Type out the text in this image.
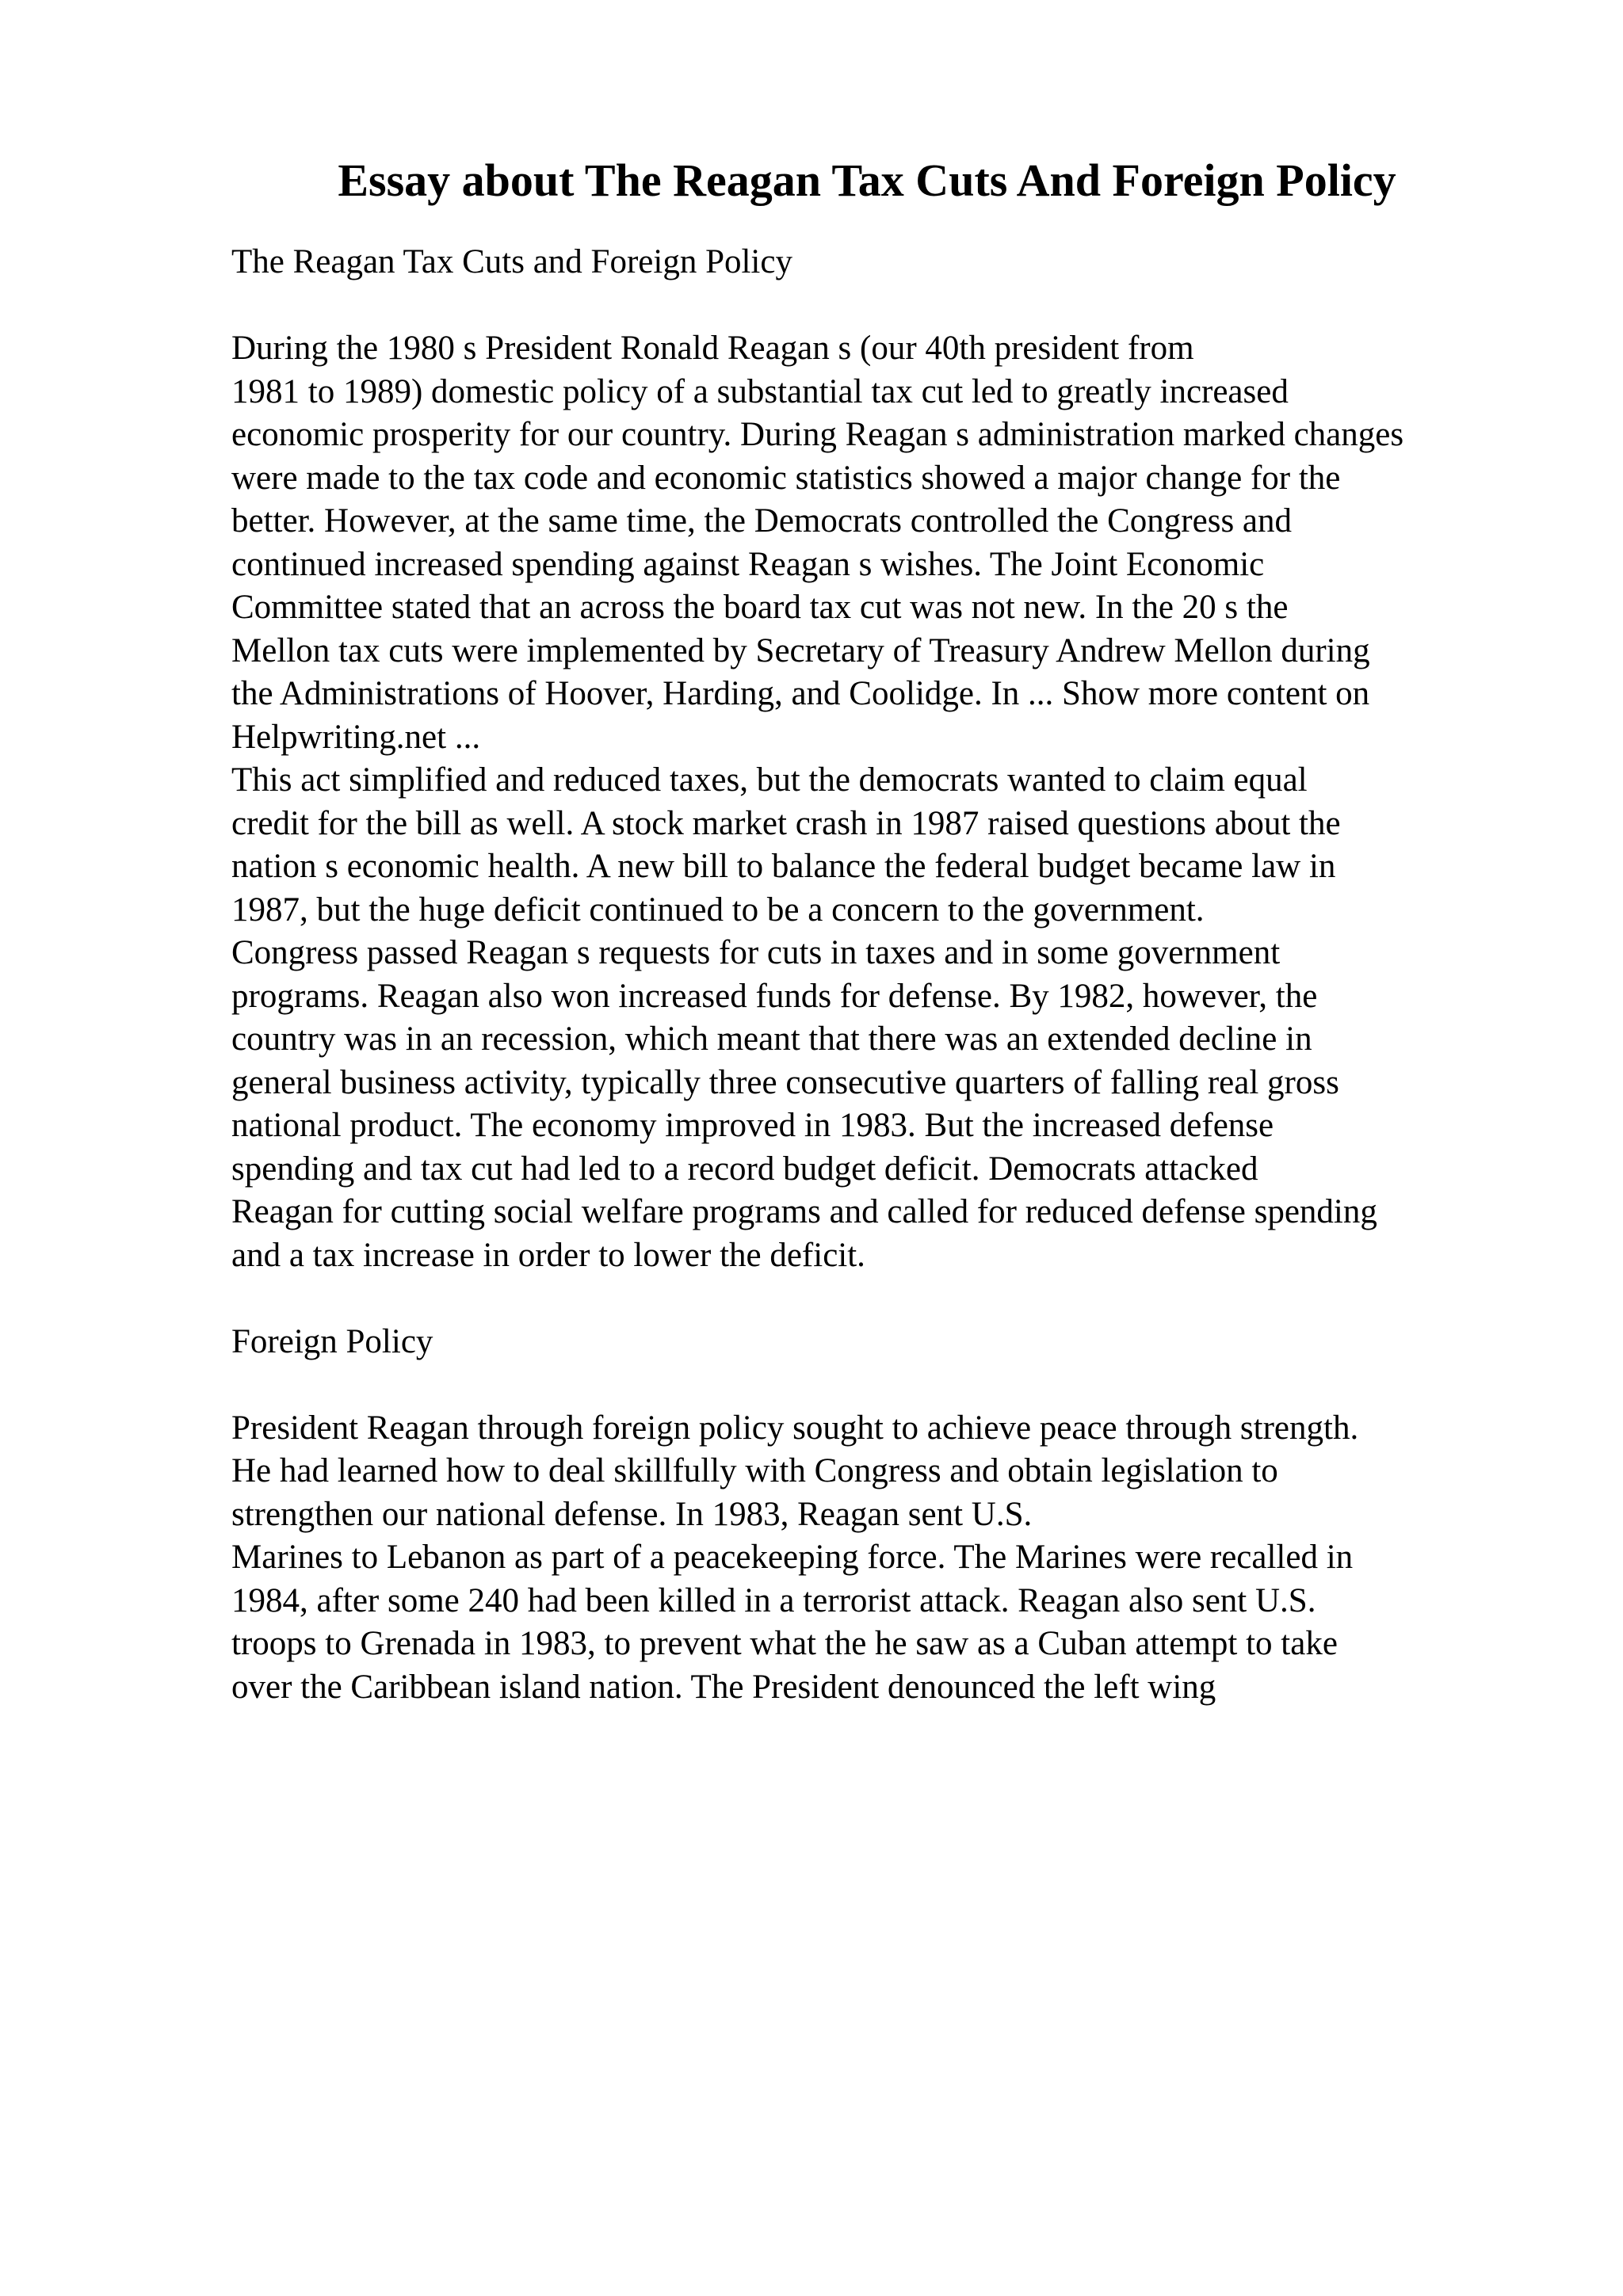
Essay about The Reagan Tax Cuts And Foreign Policy
The Reagan Tax Cuts and Foreign Policy
During the 1980 s President Ronald Reagan s (our 40th president from
1981 to 1989) domestic policy of a substantial tax cut led to greatly increased
economic prosperity for our country. During Reagan s administration marked changes
were made to the tax code and economic statistics showed a major change for the
better. However, at the same time, the Democrats controlled the Congress and
continued increased spending against Reagan s wishes. The Joint Economic
Committee stated that an across the board tax cut was not new. In the 20 s the
Mellon tax cuts were implemented by Secretary of Treasury Andrew Mellon during
the Administrations of Hoover, Harding, and Coolidge. In ... Show more content on
Helpwriting.net ...
This act simplified and reduced taxes, but the democrats wanted to claim equal
credit for the bill as well. A stock market crash in 1987 raised questions about the
nation s economic health. A new bill to balance the federal budget became law in
1987, but the huge deficit continued to be a concern to the government.
Congress passed Reagan s requests for cuts in taxes and in some government
programs. Reagan also won increased funds for defense. By 1982, however, the
country was in an recession, which meant that there was an extended decline in
general business activity, typically three consecutive quarters of falling real gross
national product. The economy improved in 1983. But the increased defense
spending and tax cut had led to a record budget deficit. Democrats attacked
Reagan for cutting social welfare programs and called for reduced defense spending
and a tax increase in order to lower the deficit.
Foreign Policy
President Reagan through foreign policy sought to achieve peace through strength.
He had learned how to deal skillfully with Congress and obtain legislation to
strengthen our national defense. In 1983, Reagan sent U.S.
Marines to Lebanon as part of a peacekeeping force. The Marines were recalled in
1984, after some 240 had been killed in a terrorist attack. Reagan also sent U.S.
troops to Grenada in 1983, to prevent what the he saw as a Cuban attempt to take
over the Caribbean island nation. The President denounced the left wing
